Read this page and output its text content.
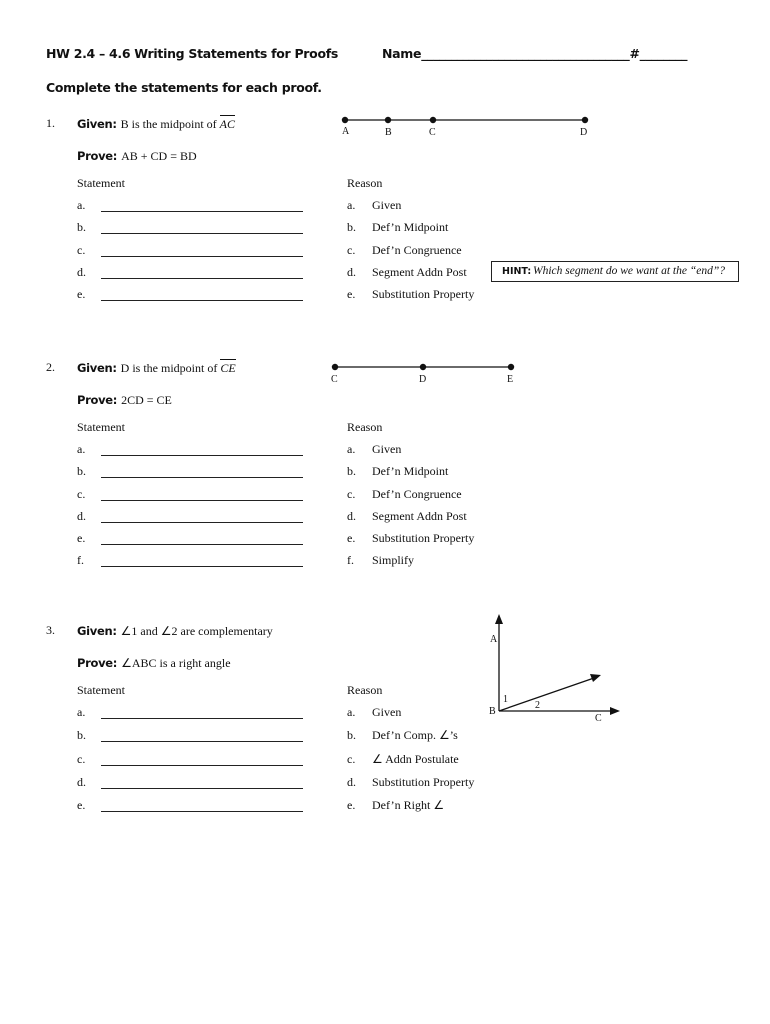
HW 2.4 – 4.6 Writing Statements for Proofs	Name___________________________________#________
Complete the statements for each proof.
1. Given: B is the midpoint of AC
Prove: AB + CD = BD
A	B	C	D
Statement	Reason
a.	a. Given
b.	b. Def’n Midpoint
c.	c. Def’n Congruence
d.	d. Segment Addn Post
e.	e. Substitution Property
HINT: Which segment do we want at the “end”?
2. Given: D is the midpoint of CE
Prove: 2CD = CE
C	D	E
Statement	Reason
a.	a. Given
b.	b. Def’n Midpoint
c.	c. Def’n Congruence
d.	d. Segment Addn Post
e.	e. Substitution Property
f.	f. Simplify
3. Given: ∠1 and ∠2 are complementary
Prove: ∠ABC is a right angle
A
B
C
1
2
Statement	Reason
a.	a. Given
b.	b. Def’n Comp. ∠’s
c.	c. ∠ Addn Postulate
d.	d. Substitution Property
e.	e. Def’n Right ∠
